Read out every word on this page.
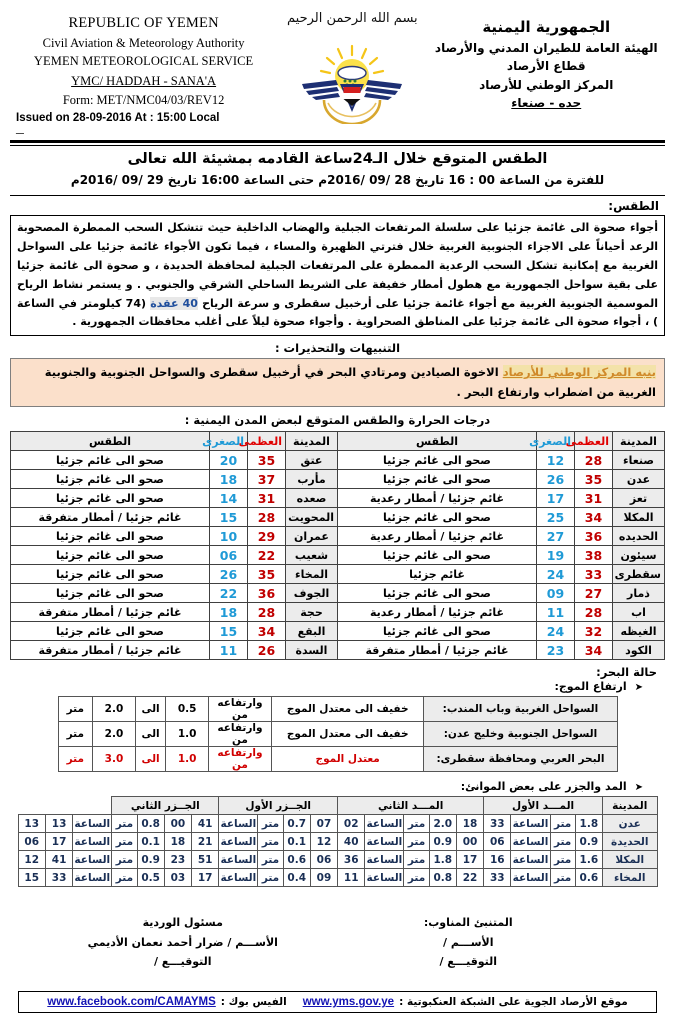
الجمهورية اليمنية
الهيئة العامة للطيران المدني والأرصاد
قطاع الأرصاد
المركز الوطني للأرصاد
حده - صنعاء
بسم الله الرحمن الرحيم
REPUBLIC OF YEMEN
Civil Aviation & Meteorology Authority
YEMEN METEOROLOGICAL SERVICE
YMC/ HADDAH - SANA'A
Form: MET/NMC04/03/REV12
Issued on 28-09-2016 At : 15:00 Local
ـــ
الطقس المتوقع خلال الـ24ساعة القادمه بمشيئة الله تعالى
للفترة من الساعة 00 : 16 تاريخ 28 /09 /2016م حتى الساعة 16:00 تاريخ 29 /09 /2016م
الطقس:
أجواء صحوة الى غائمة جزئيا على سلسلة المرتفعات الجبلية والهضاب الداخلية حيث تتشكل السحب الممطرة المصحوبة الرعد أحياناً على الاجزاء الجنوبية الغربية خلال فترتي الظهيرة والمساء ، فيما تكون الأجواء غائمة جزئيا على السواحل الغربية مع إمكانية تشكل السحب الرعدية الممطرة على المرتفعات الجبلية لمحافظة الحديدة ، و صحوة الى غائمة جزئيا على بقية سواحل الجمهورية مع هطول أمطار خفيفة على الشريط الساحلي الشرقي والجنوبي . و يستمر نشاط الرياح الموسمية الجنوبية الغربية مع أجواء غائمة جزئيا على أرخبيل سقطرى و سرعة الرياح 40 عقدة (74 كيلومتر في الساعة ) ، أجواء صحوة الى غائمة جزئيا على المناطق الصحراوية . وأجواء صحوة ليلاً على أغلب محافظات الجمهورية .
التنبيهات والتحذيرات :
ينبه المركز الوطني للأرصاد الاخوة الصيادين ومرتادي البحر في أرخبيل سقطرى والسواحل الجنوبية والجنوبية الغربية من اضطراب وارتفاع البحر .
درجات الحرارة والطقس المتوقع لبعض المدن اليمنية :
المدينة	العظمى	الصغرى	الطقس	المدينة	العظمى	الصغرى	الطقس
صنعاء	28	12	صحو الى غائم جزئيا	عتق	35	20	صحو الى غائم جزئيا
عدن	35	26	صحو الى غائم جزئيا	مأرب	37	18	صحو الى غائم جزئيا
تعز	31	17	غائم جزئيا / أمطار رعدية	صعده	31	14	صحو الى غائم جزئيا
المكلا	34	25	صحو الى غائم جزئيا	المحويت	28	15	غائم جزئيا / أمطار متفرقة
الحديده	36	27	غائم جزئيا / أمطار رعدية	عمران	29	10	صحو الى غائم جزئيا
سيئون	38	19	صحو الى غائم جزئيا	شعيب	22	06	صحو الى غائم جزئيا
سقطرى	33	24	غائم جزئيا	المخاء	35	26	صحو الى غائم جزئيا
ذمار	27	09	صحو الى غائم جزئيا	الجوف	36	22	صحو الى غائم جزئيا
اب	28	11	غائم جزئيا / أمطار رعدية	حجة	28	18	غائم جزئيا / أمطار متفرقة
الغيظه	32	24	صحو الى غائم جزئيا	البقع	34	15	صحو الى غائم جزئيا
الكود	34	23	غائم جزئيا / أمطار متفرقة	السدة	26	11	غائم جزئيا / أمطار متفرقة
حالة البحر:
➤ارتفاع الموج:
السواحل الغربية وباب المندب:	خفيف الى معتدل الموج	وارتفاعه من	0.5	الى	2.0	متر
السواحل الجنوبية وخليج عدن:	خفيف الى معتدل الموج	وارتفاعه من	1.0	الى	2.0	متر
البحر العربي ومحافظة سقطرى:	معتدل الموج	وارتفاعه من	1.0	الى	3.0	متر
➤المد والجزر على بعض الموانئ:
المدينة	المـــد الأول				المـــد الثاني					الجــزر الأول				الجــزر الثاني						
عدن	1.8	متر	الساعة	33	18	2.0	متر	الساعة	02	07	0.7	متر	الساعة	41	00	0.8	متر	الساعة	13	13
الحديدة	0.9	متر	الساعة	06	00	0.9	متر	الساعة	40	12	0.1	متر	الساعة	21	18	0.1	متر	الساعة	17	06
المكلا	1.6	متر	الساعة	16	17	1.8	متر	الساعة	36	06	0.6	متر	الساعة	51	23	0.9	متر	الساعة	41	12
المخاء	0.6	متر	الساعة	33	22	0.8	متر	الساعة	11	09	0.4	متر	الساعة	17	03	0.5	متر	الساعة	33	15
المتنبئ المناوب:
الأســـم /
التوقيـــع /
مسئول الوردية
الأســـم / ضرار أحمد نعمان الأديمي
التوقيـــع /
موقع الأرصاد الجوية على الشبكة العنكبوتية :
www.yms.gov.ye
الفيس بوك :
www.facebook.com/CAMAYMS
